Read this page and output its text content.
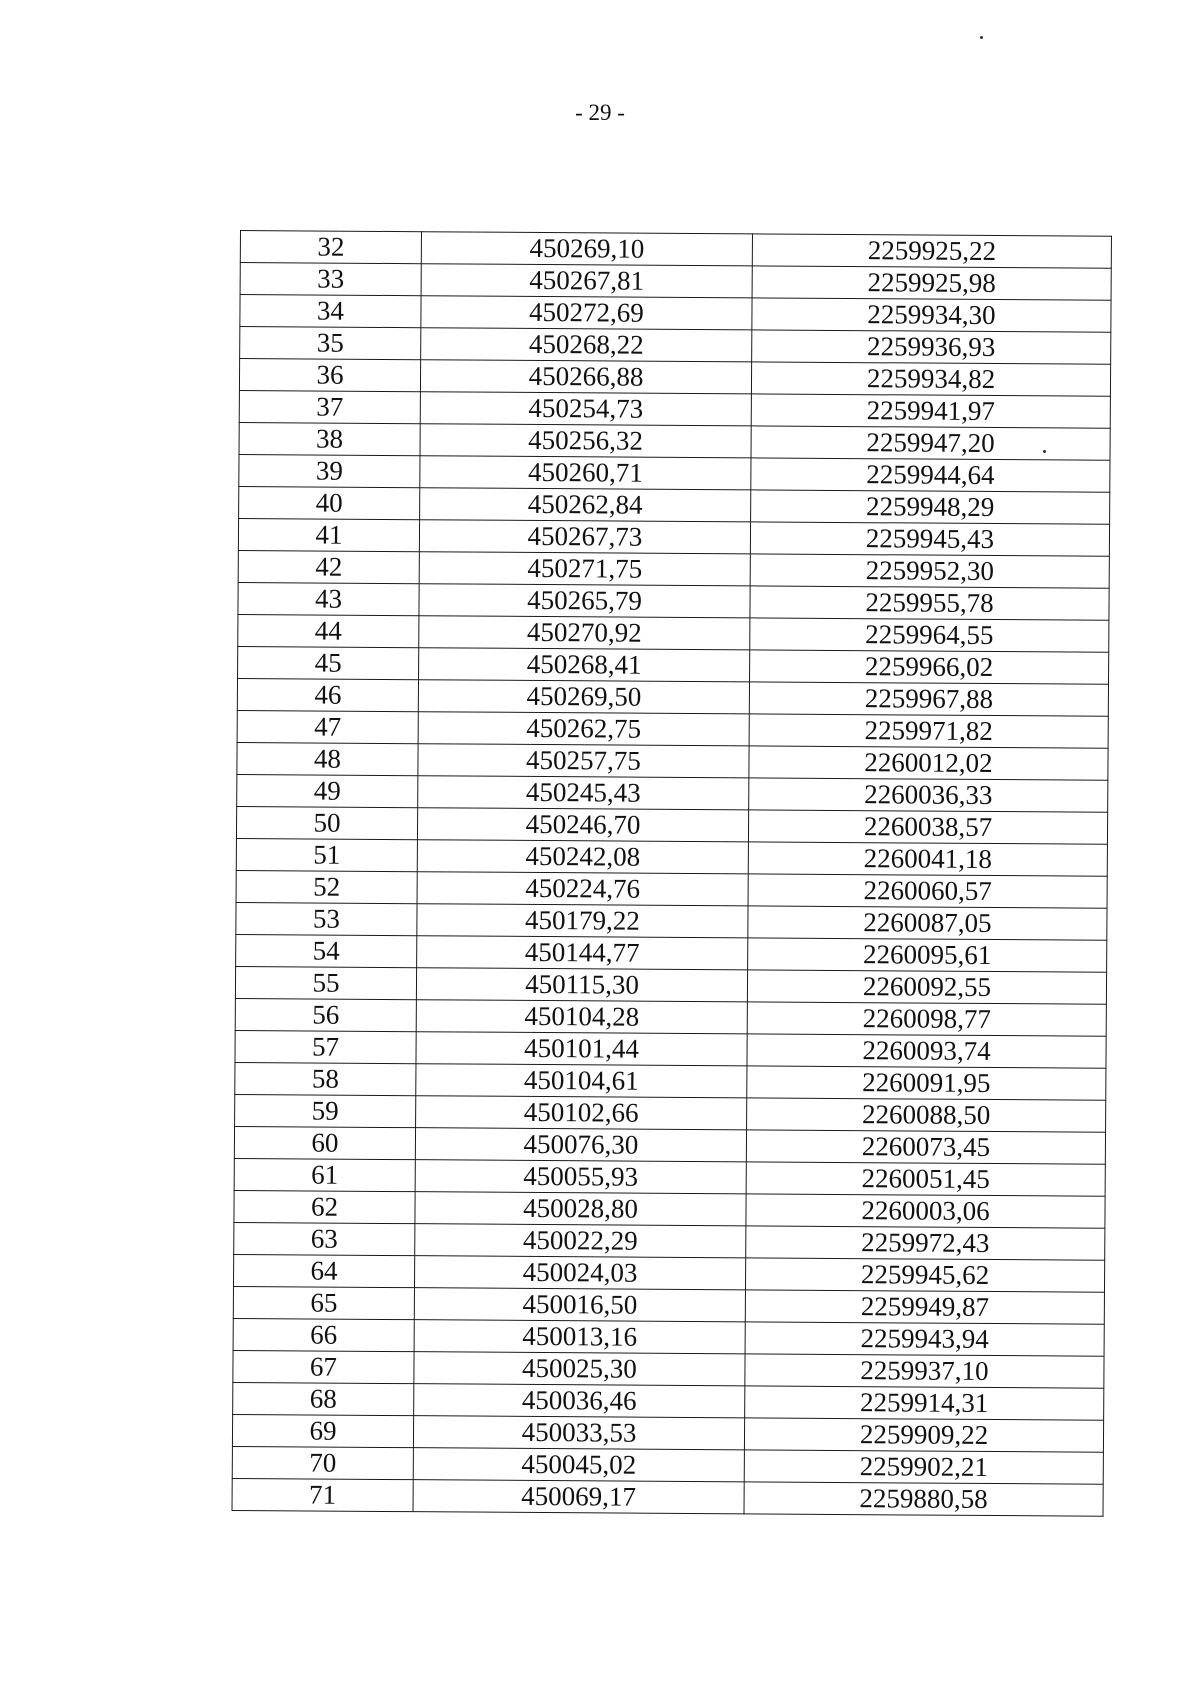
- 29 -
32	450269,10	2259925,22
33	450267,81	2259925,98
34	450272,69	2259934,30
35	450268,22	2259936,93
36	450266,88	2259934,82
37	450254,73	2259941,97
38	450256,32	2259947,20
39	450260,71	2259944,64
40	450262,84	2259948,29
41	450267,73	2259945,43
42	450271,75	2259952,30
43	450265,79	2259955,78
44	450270,92	2259964,55
45	450268,41	2259966,02
46	450269,50	2259967,88
47	450262,75	2259971,82
48	450257,75	2260012,02
49	450245,43	2260036,33
50	450246,70	2260038,57
51	450242,08	2260041,18
52	450224,76	2260060,57
53	450179,22	2260087,05
54	450144,77	2260095,61
55	450115,30	2260092,55
56	450104,28	2260098,77
57	450101,44	2260093,74
58	450104,61	2260091,95
59	450102,66	2260088,50
60	450076,30	2260073,45
61	450055,93	2260051,45
62	450028,80	2260003,06
63	450022,29	2259972,43
64	450024,03	2259945,62
65	450016,50	2259949,87
66	450013,16	2259943,94
67	450025,30	2259937,10
68	450036,46	2259914,31
69	450033,53	2259909,22
70	450045,02	2259902,21
71	450069,17	2259880,58
